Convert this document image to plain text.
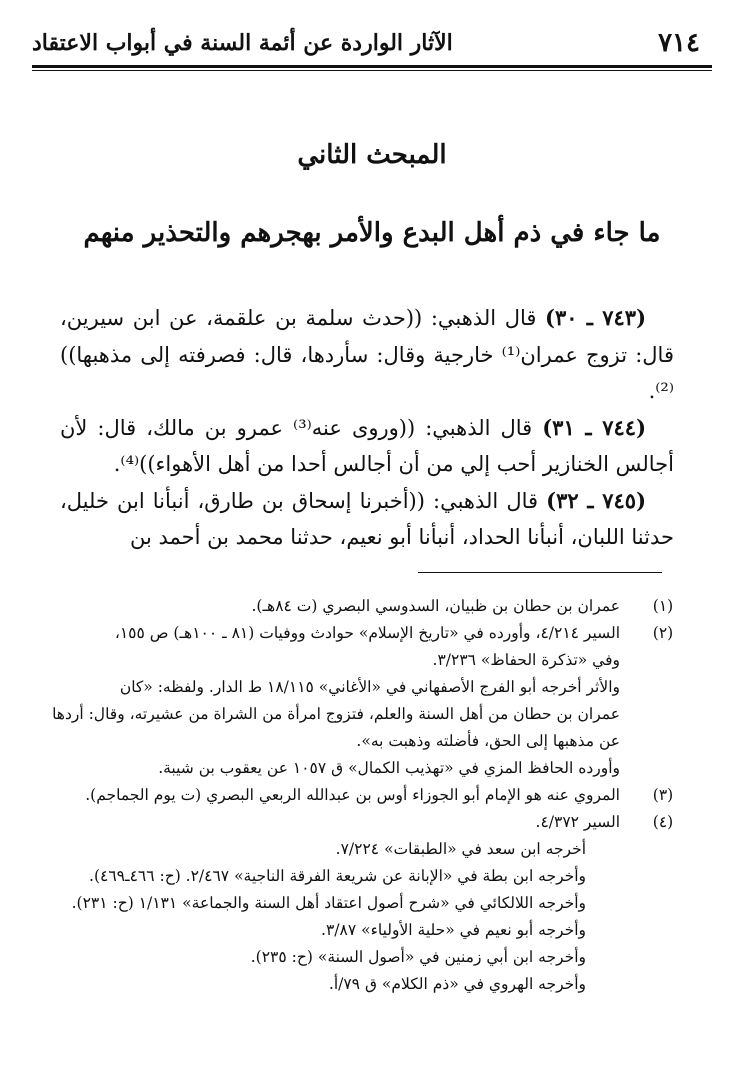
٧١٤
الآثار الواردة عن أئمة السنة في أبواب الاعتقاد
المبحث الثاني
ما جاء في ذم أهل البدع والأمر بهجرهم والتحذير منهم

(٧٤٣ ـ ٣٠) قال الذهبي: ((حدث سلمة بن علقمة، عن ابن سيرين، قال: تزوج عمران⁽¹⁾ خارجية وقال: سأردها، قال: فصرفته إلى مذهبها))⁽²⁾.

(٧٤٤ ـ ٣١) قال الذهبي: ((وروى عنه⁽³⁾ عمرو بن مالك، قال: لأن أجالس الخنازير أحب إلي من أن أجالس أحدا من أهل الأهواء))⁽⁴⁾.

(٧٤٥ ـ ٣٢) قال الذهبي: ((أخبرنا إسحاق بن طارق، أنبأنا ابن خليل، حدثنا اللبان، أنبأنا الحداد، أنبأنا أبو نعيم، حدثنا محمد بن أحمد بن

(١)
عمران بن حطان بن ظبيان، السدوسي البصري (ت ٨٤هـ).
(٢)
السير ٤/٢١٤، وأورده في «تاريخ الإسلام» حوادث ووفيات (٨١ ـ ١٠٠هـ) ص ١٥٥،
وفي «تذكرة الحفاظ» ٣/٢٣٦.
والأثر أخرجه أبو الفرج الأصفهاني في «الأغاني» ١٨/١١٥ ط الدار. ولفظه: «كان
عمران بن حطان من أهل السنة والعلم، فتزوج امرأة من الشراة من عشيرته، وقال: أردها
عن مذهبها إلى الحق، فأضلته وذهبت به».
وأورده الحافظ المزي في «تهذيب الكمال» ق ١٠٥٧ عن يعقوب بن شيبة.
(٣)
المروي عنه هو الإمام أبو الجوزاء أوس بن عبدالله الربعي البصري (ت يوم الجماجم).
(٤)
السير ٤/٣٧٢.
أخرجه ابن سعد في «الطبقات» ٧/٢٢٤.
وأخرجه ابن بطة في «الإبانة عن شريعة الفرقة الناجية» ٢/٤٦٧. (ح: ٤٦٦ـ٤٦٩).
وأخرجه اللالكائي في «شرح أصول اعتقاد أهل السنة والجماعة» ١/١٣١ (ح: ٢٣١).
وأخرجه أبو نعيم في «حلية الأولياء» ٣/٨٧.
وأخرجه ابن أبي زمنين في «أصول السنة» (ح: ٢٣٥).
وأخرجه الهروي في «ذم الكلام» ق ٧٩/أ.
